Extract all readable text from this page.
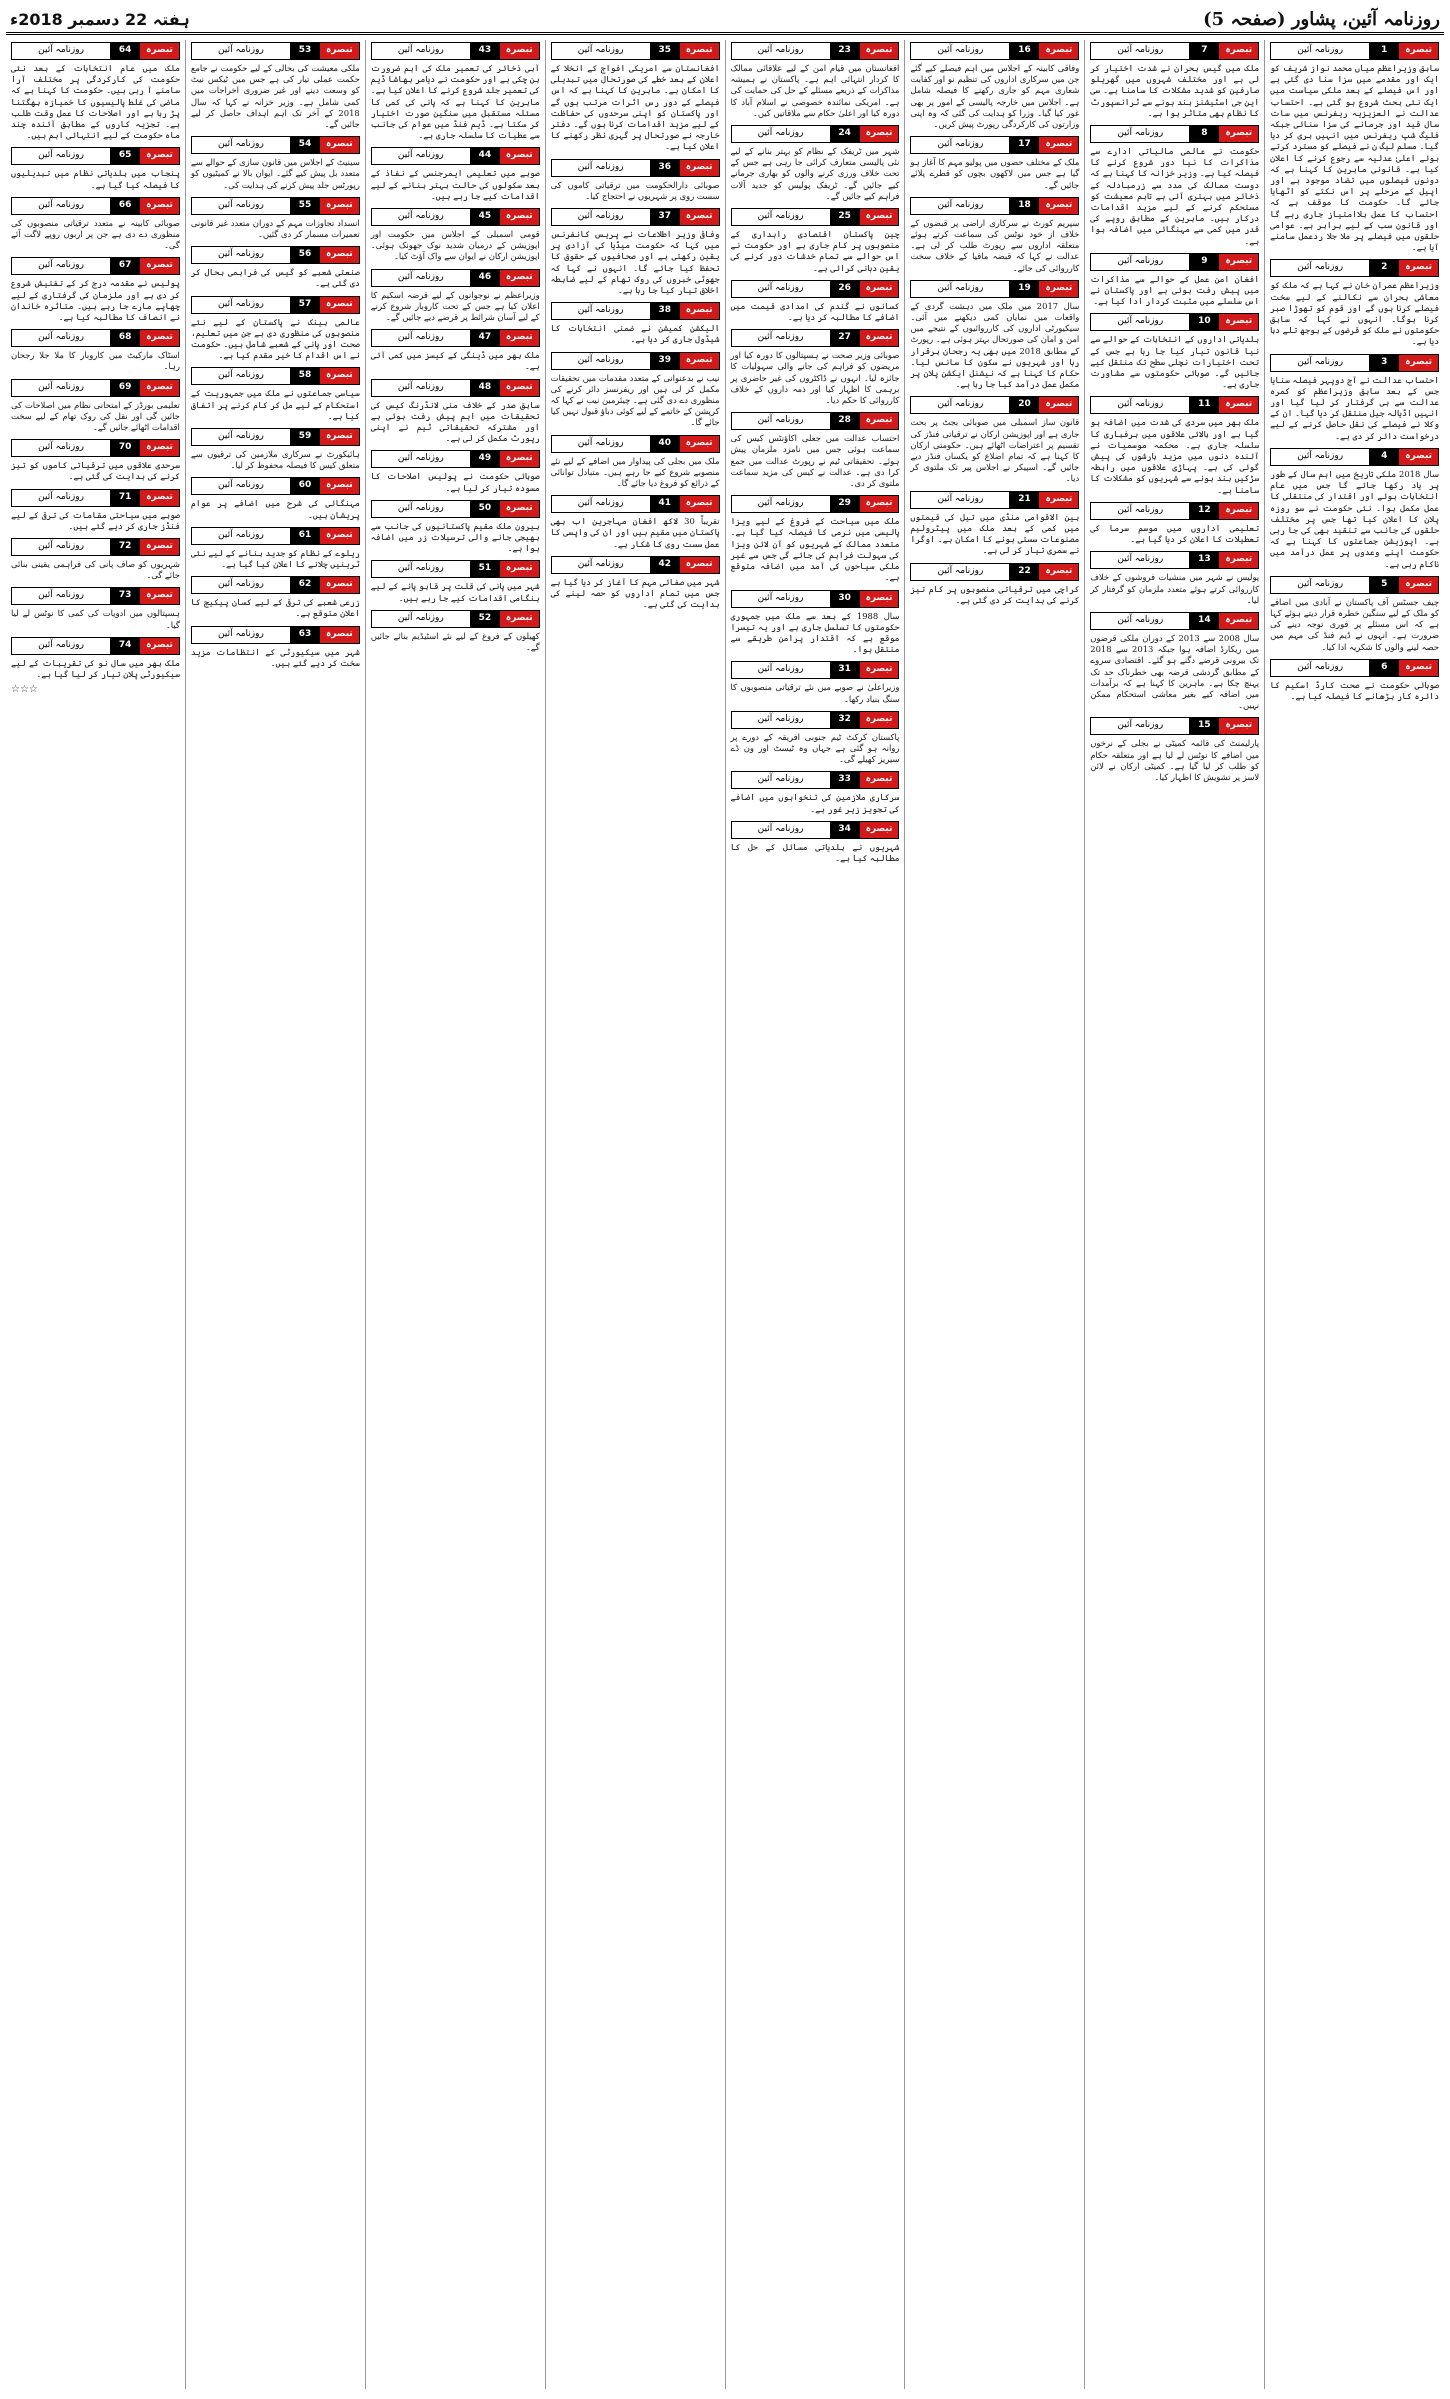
روزنامہ آئین، پشاور (صفحہ 5)
ہفتہ 22 دسمبر 2018ء
تبصرہ
1
روزنامہ آئین
سابق وزیراعظم میاں محمد نواز شریف کو ایک اور مقدمے میں سزا سنا دی گئی ہے اور اس فیصلے کے بعد ملکی سیاست میں ایک نئی بحث شروع ہو گئی ہے۔ احتساب عدالت نے العزیزیہ ریفرنس میں سات سال قید اور جرمانے کی سزا سنائی جبکہ فلیگ شپ ریفرنس میں انہیں بری کر دیا گیا۔ مسلم لیگ ن نے فیصلے کو مسترد کرتے ہوئے اعلیٰ عدلیہ سے رجوع کرنے کا اعلان کیا ہے۔ قانونی ماہرین کا کہنا ہے کہ دونوں فیصلوں میں تضاد موجود ہے اور اپیل کے مرحلے پر اس نکتے کو اٹھایا جائے گا۔ حکومت کا موقف ہے کہ احتساب کا عمل بلاامتیاز جاری رہے گا اور قانون سب کے لیے برابر ہے۔ عوامی حلقوں میں فیصلے پر ملا جلا ردعمل سامنے آیا ہے۔
تبصرہ
2
روزنامہ آئین
وزیراعظم عمران خان نے کہا ہے کہ ملک کو معاشی بحران سے نکالنے کے لیے سخت فیصلے کرنا ہوں گے اور قوم کو تھوڑا صبر کرنا ہوگا۔ انہوں نے کہا کہ سابق حکومتوں نے ملک کو قرضوں کے بوجھ تلے دبا دیا ہے۔
تبصرہ
3
روزنامہ آئین
احتساب عدالت نے آج دوپہر فیصلہ سنایا جس کے بعد سابق وزیراعظم کو کمرہ عدالت سے ہی گرفتار کر لیا گیا اور انہیں اڈیالہ جیل منتقل کر دیا گیا۔ ان کے وکلا نے فیصلے کی نقل حاصل کرنے کے لیے درخواست دائر کر دی ہے۔
تبصرہ
4
روزنامہ آئین
سال 2018 ملکی تاریخ میں اہم سال کے طور پر یاد رکھا جائے گا جس میں عام انتخابات ہوئے اور اقتدار کی منتقلی کا عمل مکمل ہوا۔ نئی حکومت نے سو روزہ پلان کا اعلان کیا تھا جس پر مختلف حلقوں کی جانب سے تنقید بھی کی جا رہی ہے۔ اپوزیشن جماعتوں کا کہنا ہے کہ حکومت اپنے وعدوں پر عمل درآمد میں ناکام رہی ہے۔
تبصرہ
5
روزنامہ آئین
چیف جسٹس آف پاکستان نے آبادی میں اضافے کو ملک کے لیے سنگین خطرہ قرار دیتے ہوئے کہا ہے کہ اس مسئلے پر فوری توجہ دینے کی ضرورت ہے۔ انہوں نے ڈیم فنڈ کی مہم میں حصہ لینے والوں کا شکریہ ادا کیا۔
تبصرہ
6
روزنامہ آئین
صوبائی حکومت نے صحت کارڈ اسکیم کا دائرہ کار بڑھانے کا فیصلہ کیا ہے۔
تبصرہ
7
روزنامہ آئین
ملک میں گیس بحران نے شدت اختیار کر لی ہے اور مختلف شہروں میں گھریلو صارفین کو شدید مشکلات کا سامنا ہے۔ سی این جی اسٹیشنز بند ہونے سے ٹرانسپورٹ کا نظام بھی متاثر ہوا ہے۔
تبصرہ
8
روزنامہ آئین
حکومت نے عالمی مالیاتی ادارے سے مذاکرات کا نیا دور شروع کرنے کا فیصلہ کیا ہے۔ وزیر خزانہ کا کہنا ہے کہ دوست ممالک کی مدد سے زرمبادلہ کے ذخائر میں بہتری آئی ہے تاہم معیشت کو مستحکم کرنے کے لیے مزید اقدامات درکار ہیں۔ ماہرین کے مطابق روپے کی قدر میں کمی سے مہنگائی میں اضافہ ہوا ہے۔
تبصرہ
9
روزنامہ آئین
افغان امن عمل کے حوالے سے مذاکرات میں پیش رفت ہوئی ہے اور پاکستان نے اس سلسلے میں مثبت کردار ادا کیا ہے۔
تبصرہ
10
روزنامہ آئین
بلدیاتی اداروں کے انتخابات کے حوالے سے نیا قانون تیار کیا جا رہا ہے جس کے تحت اختیارات نچلی سطح تک منتقل کیے جائیں گے۔ صوبائی حکومتوں سے مشاورت جاری ہے۔
تبصرہ
11
روزنامہ آئین
ملک بھر میں سردی کی شدت میں اضافہ ہو گیا ہے اور بالائی علاقوں میں برفباری کا سلسلہ جاری ہے۔ محکمہ موسمیات نے آئندہ دنوں میں مزید بارشوں کی پیش گوئی کی ہے۔ پہاڑی علاقوں میں رابطہ سڑکیں بند ہونے سے شہریوں کو مشکلات کا سامنا ہے۔
تبصرہ
12
روزنامہ آئین
تعلیمی اداروں میں موسم سرما کی تعطیلات کا اعلان کر دیا گیا ہے۔
تبصرہ
13
روزنامہ آئین
پولیس نے شہر میں منشیات فروشوں کے خلاف کارروائی کرتے ہوئے متعدد ملزمان کو گرفتار کر لیا۔
تبصرہ
14
روزنامہ آئین
سال 2008 سے 2013 کے دوران ملکی قرضوں میں ریکارڈ اضافہ ہوا جبکہ 2013 سے 2018 تک بیرونی قرضے دگنے ہو گئے۔ اقتصادی سروے کے مطابق گردشی قرضہ بھی خطرناک حد تک پہنچ چکا ہے۔ ماہرین کا کہنا ہے کہ برآمدات میں اضافہ کیے بغیر معاشی استحکام ممکن نہیں۔
تبصرہ
15
روزنامہ آئین
پارلیمنٹ کی قائمہ کمیٹی نے بجلی کے نرخوں میں اضافے کا نوٹس لے لیا ہے اور متعلقہ حکام کو طلب کر لیا گیا ہے۔ کمیٹی ارکان نے لائن لاسز پر تشویش کا اظہار کیا۔
تبصرہ
16
روزنامہ آئین
وفاقی کابینہ کے اجلاس میں اہم فیصلے کیے گئے جن میں سرکاری اداروں کی تنظیم نو اور کفایت شعاری مہم کو جاری رکھنے کا فیصلہ شامل ہے۔ اجلاس میں خارجہ پالیسی کے امور پر بھی غور کیا گیا۔ وزرا کو ہدایت کی گئی کہ وہ اپنی وزارتوں کی کارکردگی رپورٹ پیش کریں۔
تبصرہ
17
روزنامہ آئین
ملک کے مختلف حصوں میں پولیو مہم کا آغاز ہو گیا ہے جس میں لاکھوں بچوں کو قطرے پلائے جائیں گے۔
تبصرہ
18
روزنامہ آئین
سپریم کورٹ نے سرکاری اراضی پر قبضوں کے خلاف از خود نوٹس کی سماعت کرتے ہوئے متعلقہ اداروں سے رپورٹ طلب کر لی ہے۔ عدالت نے کہا کہ قبضہ مافیا کے خلاف سخت کارروائی کی جائے۔
تبصرہ
19
روزنامہ آئین
سال 2017 میں ملک میں دہشت گردی کے واقعات میں نمایاں کمی دیکھنے میں آئی۔ سیکیورٹی اداروں کی کارروائیوں کے نتیجے میں امن و امان کی صورتحال بہتر ہوئی ہے۔ رپورٹ کے مطابق 2018 میں بھی یہ رجحان برقرار رہا اور شہریوں نے سکون کا سانس لیا۔ حکام کا کہنا ہے کہ نیشنل ایکشن پلان پر مکمل عمل درآمد کیا جا رہا ہے۔
تبصرہ
20
روزنامہ آئین
قانون ساز اسمبلی میں صوبائی بجٹ پر بحث جاری ہے اور اپوزیشن ارکان نے ترقیاتی فنڈز کی تقسیم پر اعتراضات اٹھائے ہیں۔ حکومتی ارکان کا کہنا ہے کہ تمام اضلاع کو یکساں فنڈز دیے جائیں گے۔ اسپیکر نے اجلاس پیر تک ملتوی کر دیا۔
تبصرہ
21
روزنامہ آئین
بین الاقوامی منڈی میں تیل کی قیمتوں میں کمی کے بعد ملک میں پیٹرولیم مصنوعات سستی ہونے کا امکان ہے۔ اوگرا نے سمری تیار کر لی ہے۔
تبصرہ
22
روزنامہ آئین
کراچی میں ترقیاتی منصوبوں پر کام تیز کرنے کی ہدایت کر دی گئی ہے۔
تبصرہ
23
روزنامہ آئین
افغانستان میں قیام امن کے لیے علاقائی ممالک کا کردار انتہائی اہم ہے۔ پاکستان نے ہمیشہ مذاکرات کے ذریعے مسئلے کے حل کی حمایت کی ہے۔ امریکی نمائندہ خصوصی نے اسلام آباد کا دورہ کیا اور اعلیٰ حکام سے ملاقاتیں کیں۔
تبصرہ
24
روزنامہ آئین
شہر میں ٹریفک کے نظام کو بہتر بنانے کے لیے نئی پالیسی متعارف کرائی جا رہی ہے جس کے تحت خلاف ورزی کرنے والوں کو بھاری جرمانے کیے جائیں گے۔ ٹریفک پولیس کو جدید آلات فراہم کیے جائیں گے۔
تبصرہ
25
روزنامہ آئین
چین پاکستان اقتصادی راہداری کے منصوبوں پر کام جاری ہے اور حکومت نے اس حوالے سے تمام خدشات دور کرنے کی یقین دہانی کرائی ہے۔
تبصرہ
26
روزنامہ آئین
کسانوں نے گندم کی امدادی قیمت میں اضافے کا مطالبہ کر دیا ہے۔
تبصرہ
27
روزنامہ آئین
صوبائی وزیر صحت نے ہسپتالوں کا دورہ کیا اور مریضوں کو فراہم کی جانے والی سہولیات کا جائزہ لیا۔ انہوں نے ڈاکٹروں کی غیر حاضری پر برہمی کا اظہار کیا اور ذمہ داروں کے خلاف کارروائی کا حکم دیا۔
تبصرہ
28
روزنامہ آئین
احتساب عدالت میں جعلی اکاؤنٹس کیس کی سماعت ہوئی جس میں نامزد ملزمان پیش ہوئے۔ تحقیقاتی ٹیم نے رپورٹ عدالت میں جمع کرا دی ہے۔ عدالت نے کیس کی مزید سماعت ملتوی کر دی۔
تبصرہ
29
روزنامہ آئین
ملک میں سیاحت کے فروغ کے لیے ویزا پالیسی میں نرمی کا فیصلہ کیا گیا ہے۔ متعدد ممالک کے شہریوں کو آن لائن ویزا کی سہولت فراہم کی جائے گی جس سے غیر ملکی سیاحوں کی آمد میں اضافہ متوقع ہے۔
تبصرہ
30
روزنامہ آئین
سال 1988 کے بعد سے ملک میں جمہوری حکومتوں کا تسلسل جاری ہے اور یہ تیسرا موقع ہے کہ اقتدار پرامن طریقے سے منتقل ہوا۔
تبصرہ
31
روزنامہ آئین
وزیراعلیٰ نے صوبے میں نئے ترقیاتی منصوبوں کا سنگ بنیاد رکھا۔
تبصرہ
32
روزنامہ آئین
پاکستان کرکٹ ٹیم جنوبی افریقہ کے دورے پر روانہ ہو گئی ہے جہاں وہ ٹیسٹ اور ون ڈے سیریز کھیلے گی۔
تبصرہ
33
روزنامہ آئین
سرکاری ملازمین کی تنخواہوں میں اضافے کی تجویز زیر غور ہے۔
تبصرہ
34
روزنامہ آئین
شہریوں نے بلدیاتی مسائل کے حل کا مطالبہ کیا ہے۔
تبصرہ
35
روزنامہ آئین
افغانستان سے امریکی افواج کے انخلا کے اعلان کے بعد خطے کی صورتحال میں تبدیلی کا امکان ہے۔ ماہرین کا کہنا ہے کہ اس فیصلے کے دور رس اثرات مرتب ہوں گے اور پاکستان کو اپنی سرحدوں کی حفاظت کے لیے مزید اقدامات کرنا ہوں گے۔ دفتر خارجہ نے صورتحال پر گہری نظر رکھنے کا اعلان کیا ہے۔
تبصرہ
36
روزنامہ آئین
صوبائی دارالحکومت میں ترقیاتی کاموں کی سست روی پر شہریوں نے احتجاج کیا۔
تبصرہ
37
روزنامہ آئین
وفاقی وزیر اطلاعات نے پریس کانفرنس میں کہا کہ حکومت میڈیا کی آزادی پر یقین رکھتی ہے اور صحافیوں کے حقوق کا تحفظ کیا جائے گا۔ انہوں نے کہا کہ جھوٹی خبروں کی روک تھام کے لیے ضابطہ اخلاق تیار کیا جا رہا ہے۔
تبصرہ
38
روزنامہ آئین
الیکشن کمیشن نے ضمنی انتخابات کا شیڈول جاری کر دیا ہے۔
تبصرہ
39
روزنامہ آئین
نیب نے بدعنوانی کے متعدد مقدمات میں تحقیقات مکمل کر لی ہیں اور ریفرنسز دائر کرنے کی منظوری دے دی گئی ہے۔ چیئرمین نیب نے کہا کہ کرپشن کے خاتمے کے لیے کوئی دباؤ قبول نہیں کیا جائے گا۔
تبصرہ
40
روزنامہ آئین
ملک میں بجلی کی پیداوار میں اضافے کے لیے نئے منصوبے شروع کیے جا رہے ہیں۔ متبادل توانائی کے ذرائع کو فروغ دیا جائے گا۔
تبصرہ
41
روزنامہ آئین
تقریباً 30 لاکھ افغان مہاجرین اب بھی پاکستان میں مقیم ہیں اور ان کی واپسی کا عمل سست روی کا شکار ہے۔
تبصرہ
42
روزنامہ آئین
شہر میں صفائی مہم کا آغاز کر دیا گیا ہے جس میں تمام اداروں کو حصہ لینے کی ہدایت کی گئی ہے۔
تبصرہ
43
روزنامہ آئین
آبی ذخائر کی تعمیر ملک کی اہم ضرورت بن چکی ہے اور حکومت نے دیامر بھاشا ڈیم کی تعمیر جلد شروع کرنے کا اعلان کیا ہے۔ ماہرین کا کہنا ہے کہ پانی کی کمی کا مسئلہ مستقبل میں سنگین صورت اختیار کر سکتا ہے۔ ڈیم فنڈ میں عوام کی جانب سے عطیات کا سلسلہ جاری ہے۔
تبصرہ
44
روزنامہ آئین
صوبے میں تعلیمی ایمرجنسی کے نفاذ کے بعد سکولوں کی حالت بہتر بنانے کے لیے اقدامات کیے جا رہے ہیں۔
تبصرہ
45
روزنامہ آئین
قومی اسمبلی کے اجلاس میں حکومت اور اپوزیشن کے درمیان شدید نوک جھونک ہوئی۔ اپوزیشن ارکان نے ایوان سے واک آؤٹ کیا۔
تبصرہ
46
روزنامہ آئین
وزیراعظم نے نوجوانوں کے لیے قرضہ اسکیم کا اعلان کیا ہے جس کے تحت کاروبار شروع کرنے کے لیے آسان شرائط پر قرضے دیے جائیں گے۔
تبصرہ
47
روزنامہ آئین
ملک بھر میں ڈینگی کے کیسز میں کمی آئی ہے۔
تبصرہ
48
روزنامہ آئین
سابق صدر کے خلاف منی لانڈرنگ کیس کی تحقیقات میں اہم پیش رفت ہوئی ہے اور مشترکہ تحقیقاتی ٹیم نے اپنی رپورٹ مکمل کر لی ہے۔
تبصرہ
49
روزنامہ آئین
صوبائی حکومت نے پولیس اصلاحات کا مسودہ تیار کر لیا ہے۔
تبصرہ
50
روزنامہ آئین
بیرون ملک مقیم پاکستانیوں کی جانب سے بھیجی جانے والی ترسیلات زر میں اضافہ ہوا ہے۔
تبصرہ
51
روزنامہ آئین
شہر میں پانی کی قلت پر قابو پانے کے لیے ہنگامی اقدامات کیے جا رہے ہیں۔
تبصرہ
52
روزنامہ آئین
کھیلوں کے فروغ کے لیے نئے اسٹیڈیم بنائے جائیں گے۔
تبصرہ
53
روزنامہ آئین
ملکی معیشت کی بحالی کے لیے حکومت نے جامع حکمت عملی تیار کی ہے جس میں ٹیکس نیٹ کو وسعت دینے اور غیر ضروری اخراجات میں کمی شامل ہے۔ وزیر خزانہ نے کہا کہ سال 2018 کے آخر تک اہم اہداف حاصل کر لیے جائیں گے۔
تبصرہ
54
روزنامہ آئین
سینیٹ کے اجلاس میں قانون سازی کے حوالے سے متعدد بل پیش کیے گئے۔ ایوان بالا نے کمیٹیوں کو رپورٹس جلد پیش کرنے کی ہدایت کی۔
تبصرہ
55
روزنامہ آئین
انسداد تجاوزات مہم کے دوران متعدد غیر قانونی تعمیرات مسمار کر دی گئیں۔
تبصرہ
56
روزنامہ آئین
صنعتی شعبے کو گیس کی فراہمی بحال کر دی گئی ہے۔
تبصرہ
57
روزنامہ آئین
عالمی بینک نے پاکستان کے لیے نئے منصوبوں کی منظوری دی ہے جن میں تعلیم، صحت اور پانی کے شعبے شامل ہیں۔ حکومت نے اس اقدام کا خیر مقدم کیا ہے۔
تبصرہ
58
روزنامہ آئین
سیاسی جماعتوں نے ملک میں جمہوریت کے استحکام کے لیے مل کر کام کرنے پر اتفاق کیا ہے۔
تبصرہ
59
روزنامہ آئین
ہائیکورٹ نے سرکاری ملازمین کی ترقیوں سے متعلق کیس کا فیصلہ محفوظ کر لیا۔
تبصرہ
60
روزنامہ آئین
مہنگائی کی شرح میں اضافے پر عوام پریشان ہیں۔
تبصرہ
61
روزنامہ آئین
ریلوے کے نظام کو جدید بنانے کے لیے نئی ٹرینیں چلانے کا اعلان کیا گیا ہے۔
تبصرہ
62
روزنامہ آئین
زرعی شعبے کی ترقی کے لیے کسان پیکیج کا اعلان متوقع ہے۔
تبصرہ
63
روزنامہ آئین
شہر میں سیکیورٹی کے انتظامات مزید سخت کر دیے گئے ہیں۔
تبصرہ
64
روزنامہ آئین
ملک میں عام انتخابات کے بعد نئی حکومت کی کارکردگی پر مختلف آرا سامنے آ رہی ہیں۔ حکومت کا کہنا ہے کہ ماضی کی غلط پالیسیوں کا خمیازہ بھگتنا پڑ رہا ہے اور اصلاحات کا عمل وقت طلب ہے۔ تجزیہ کاروں کے مطابق آئندہ چند ماہ حکومت کے لیے انتہائی اہم ہیں۔
تبصرہ
65
روزنامہ آئین
پنجاب میں بلدیاتی نظام میں تبدیلیوں کا فیصلہ کیا گیا ہے۔
تبصرہ
66
روزنامہ آئین
صوبائی کابینہ نے متعدد ترقیاتی منصوبوں کی منظوری دے دی ہے جن پر اربوں روپے لاگت آئے گی۔
تبصرہ
67
روزنامہ آئین
پولیس نے مقدمہ درج کر کے تفتیش شروع کر دی ہے اور ملزمان کی گرفتاری کے لیے چھاپے مارے جا رہے ہیں۔ متاثرہ خاندان نے انصاف کا مطالبہ کیا ہے۔
تبصرہ
68
روزنامہ آئین
اسٹاک مارکیٹ میں کاروبار کا ملا جلا رجحان رہا۔
تبصرہ
69
روزنامہ آئین
تعلیمی بورڈز کے امتحانی نظام میں اصلاحات کی جائیں گی اور نقل کی روک تھام کے لیے سخت اقدامات اٹھائے جائیں گے۔
تبصرہ
70
روزنامہ آئین
سرحدی علاقوں میں ترقیاتی کاموں کو تیز کرنے کی ہدایت کی گئی ہے۔
تبصرہ
71
روزنامہ آئین
صوبے میں سیاحتی مقامات کی ترقی کے لیے فنڈز جاری کر دیے گئے ہیں۔
تبصرہ
72
روزنامہ آئین
شہریوں کو صاف پانی کی فراہمی یقینی بنائی جائے گی۔
تبصرہ
73
روزنامہ آئین
ہسپتالوں میں ادویات کی کمی کا نوٹس لے لیا گیا۔
تبصرہ
74
روزنامہ آئین
ملک بھر میں سال نو کی تقریبات کے لیے سیکیورٹی پلان تیار کر لیا گیا ہے۔
☆☆☆
